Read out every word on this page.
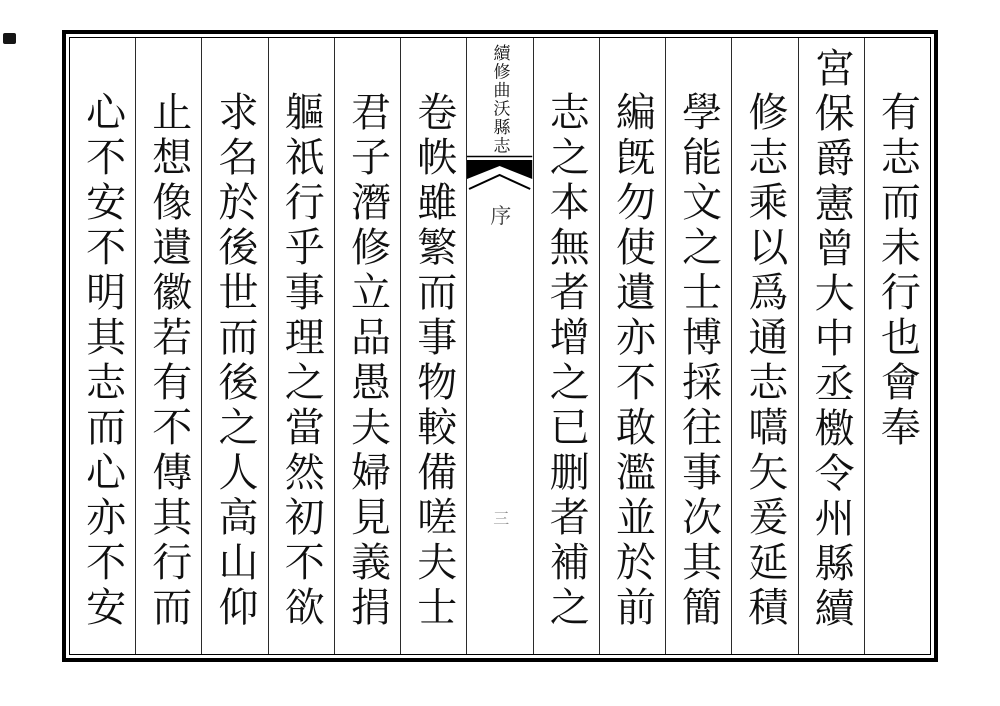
有志而未行也會奉
宮保爵憲曾大中丞檄令州縣續
修志乘以爲通志嚆矢爰延積
學能文之士博採往事次其簡
編旣勿使遺亦不敢濫並於前
志之本無者增之已删者補之
續修曲沃縣志
序
三
卷帙雖繁而事物較備嗟夫士
君子潛修立品愚夫婦見義捐
軀祇行乎事理之當然初不欲
求名於後世而後之人高山仰
止想像遺徽若有不傳其行而
心不安不明其志而心亦不安
